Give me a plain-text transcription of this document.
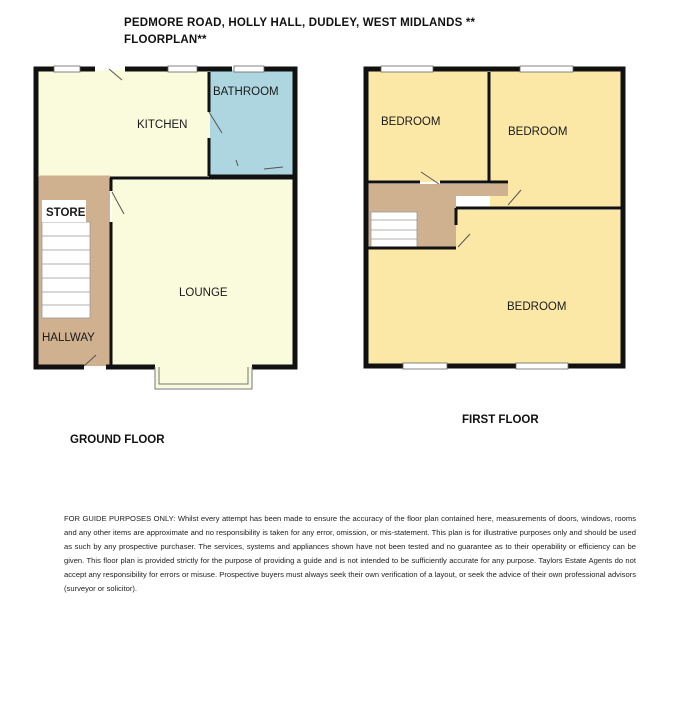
PEDMORE ROAD, HOLLY HALL, DUDLEY, WEST MIDLANDS **
FLOORPLAN**
KITCHEN
BATHROOM
STORE
LOUNGE
HALLWAY
BEDROOM
BEDROOM
BEDROOM
GROUND FLOOR
FIRST FLOOR
FOR GUIDE PURPOSES ONLY: Whilst every attempt has been made to ensure the accuracy of the floor plan contained here, measurements of doors, windows, rooms and any other items are approximate and no responsibility is taken for any error, omission, or mis-statement. This plan is for illustrative purposes only and should be used as such by any prospective purchaser. The services, systems and appliances shown have not been tested and no guarantee as to their operability or efficiency can be given. This floor plan is provided strictly for the purpose of providing a guide and is not intended to be sufficiently accurate for any purpose. Taylors Estate Agents do not accept any responsibility for errors or misuse. Prospective buyers must always seek their own verification of a layout, or seek the advice of their own professional advisors (surveyor or solicitor).
